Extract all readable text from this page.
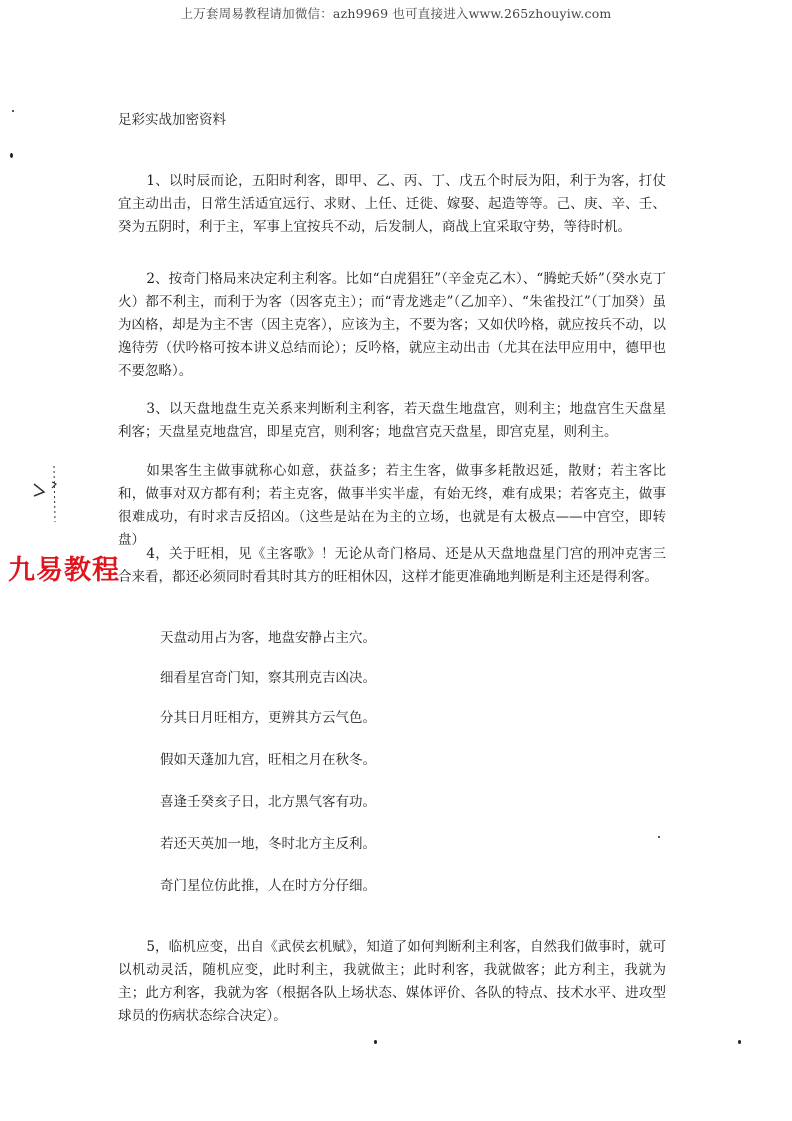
上万套周易教程请加微信：azh9969 也可直接进入www.265zhouyiw.com
足彩实战加密资料

1、以时辰而论，五阳时利客，即甲、乙、丙、丁、戊五个时辰为阳，利于为客，打仗宜主动出击，日常生活适宜远行、求财、上任、迁徙、嫁娶、起造等等。己、庚、辛、壬、癸为五阴时，利于主，军事上宜按兵不动，后发制人，商战上宜采取守势，等待时机。

2、按奇门格局来决定利主利客。比如“白虎猖狂”（辛金克乙木）、“腾蛇夭娇”（癸水克丁火）都不利主，而利于为客（因客克主）；而“青龙逃走”（乙加辛）、“朱雀投江”（丁加癸）虽为凶格，却是为主不害（因主克客），应该为主，不要为客；又如伏吟格，就应按兵不动，以逸待劳（伏吟格可按本讲义总结而论）；反吟格，就应主动出击（尤其在法甲应用中，德甲也不要忽略）。

3、以天盘地盘生克关系来判断利主利客，若天盘生地盘宫，则利主；地盘宫生天盘星利客；天盘星克地盘宫，即星克宫，则利客；地盘宫克天盘星，即宫克星，则利主。

如果客生主做事就称心如意，获益多；若主生客，做事多耗散迟延，散财；若主客比和，做事对双方都有利；若主克客，做事半实半虚，有始无终，难有成果；若客克主，做事很难成功，有时求吉反招凶。（这些是站在为主的立场，也就是有太极点——中宫空，即转盘）

4，关于旺相，见《主客歌》！无论从奇门格局、还是从天盘地盘星门宫的刑冲克害三合来看，都还必须同时看其时其方的旺相休囚，这样才能更准确地判断是利主还是得利客。

天盘动用占为客，地盘安静占主穴。

细看星宫奇门知，察其刑克吉凶决。

分其日月旺相方，更辨其方云气色。

假如天蓬加九宫，旺相之月在秋冬。

喜逢壬癸亥子日，北方黑气客有功。

若还天英加一地，冬时北方主反利。

奇门星位仿此推，人在时方分仔细。

5，临机应变，出自《武侯玄机赋》，知道了如何判断利主利客，自然我们做事时，就可以机动灵活，随机应变，此时利主，我就做主；此时利客，我就做客；此方利主，我就为主；此方利客，我就为客（根据各队上场状态、媒体评价、各队的特点、技术水平、进攻型球员的伤病状态综合决定）。

九易教程
